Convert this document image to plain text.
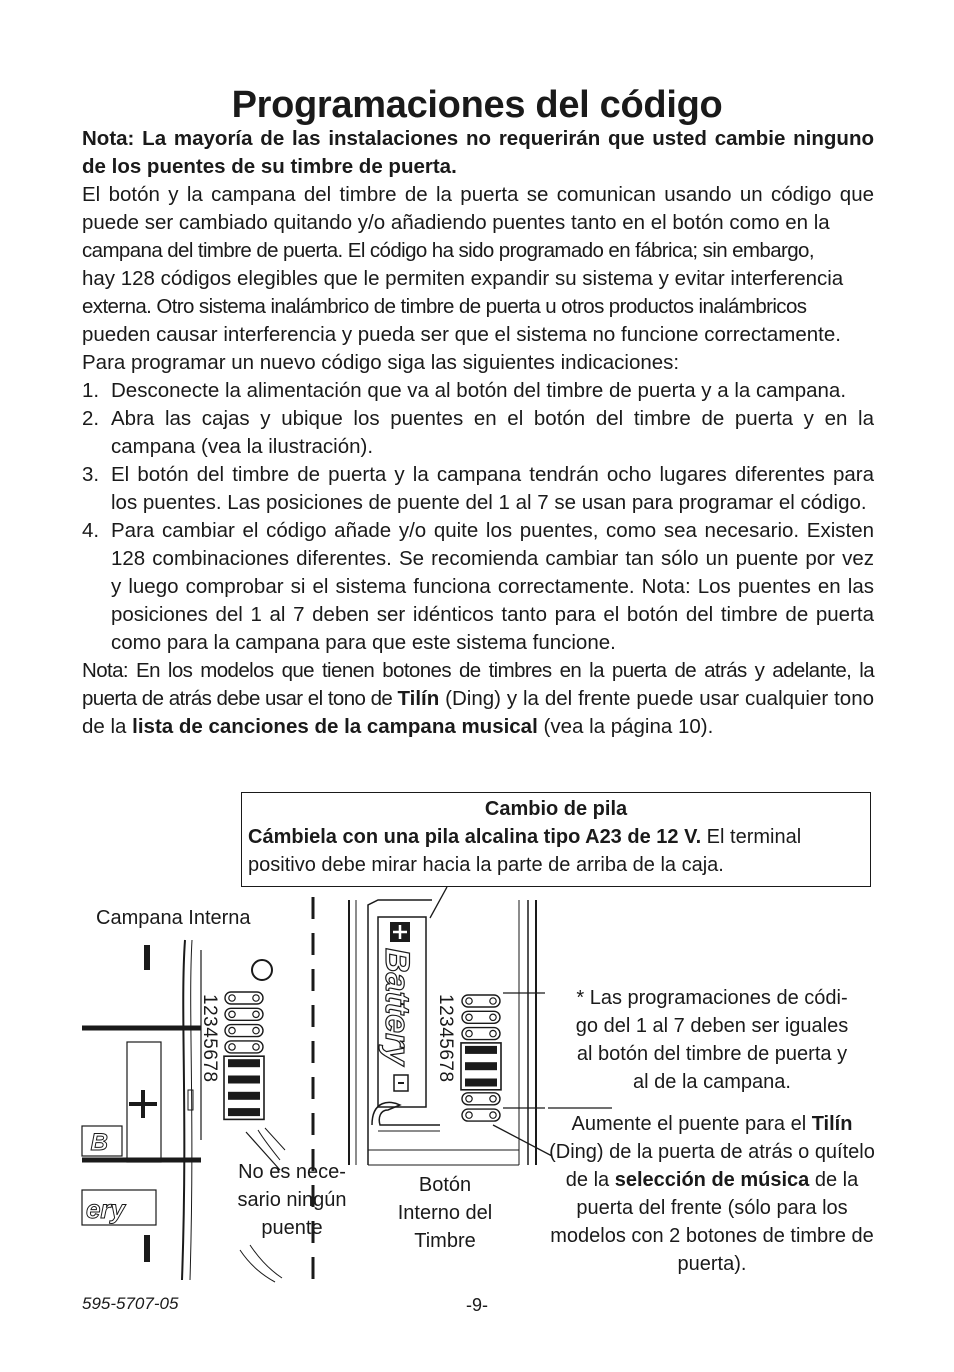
Programaciones del código

Nota: La mayoría de las instalaciones no requerirán que usted cambie ninguno de los puentes de su timbre de puerta.

El botón y la campana del timbre de la puerta se comunican usando un código que puede ser cambiado quitando y/o añadiendo puentes tanto en el botón como en la

campana del timbre de puerta. El código ha sido programado en fábrica; sin embargo,

hay 128 códigos elegibles que le permiten expandir su sistema y evitar interferencia

externa. Otro sistema inalámbrico de timbre de puerta u otros productos inalámbricos

pueden causar interferencia y pueda ser que el sistema no funcione correctamente.

Para programar un nuevo código siga las siguientes indicaciones:

1. Desconecte la alimentación que va al botón del timbre de puerta y a la campana.
2. Abra las cajas y ubique los puentes en el botón del timbre de puerta y en la campana (vea la ilustración).
3. El botón del timbre de puerta y la campana tendrán ocho lugares diferentes para los puentes. Las posiciones de puente del 1 al 7 se usan para programar el código.
4. Para cambiar el código añade y/o quite los puentes, como sea necesario. Existen 128 combinaciones diferentes. Se recomienda cambiar tan sólo un puente por vez y luego comprobar si el sistema funciona correctamente. Nota: Los puentes en las posiciones del 1 al 7 deben ser idénticos tanto para el botón del timbre de puerta como para la campana para que este sistema funcione.

Nota: En los modelos que tienen botones de timbres en la puerta de atrás y adelante, la puerta de atrás debe usar el tono de Tilín (Ding) y la del frente puede usar cualquier tono de la lista de canciones de la campana musical (vea la página 10).

Cambio de pila
Cámbiela con una pila alcalina tipo A23 de 12 V. El terminal positivo debe mirar hacia la parte de arriba de la caja.
B
ery
12345678	Battery 12345678
Campana Interna
No es nece-
sario ningún
puente
Botón
Interno del
Timbre
* Las programaciones de códi-
go del 1 al 7 deben ser iguales
al botón del timbre de puerta y
al de la campana.
Aumente el puente para el Tilín (Ding) de la puerta de atrás o quítelo de la selección de música de la puerta del frente (sólo para los modelos con 2 botones de timbre de puerta).
595-5707-05	-9-
